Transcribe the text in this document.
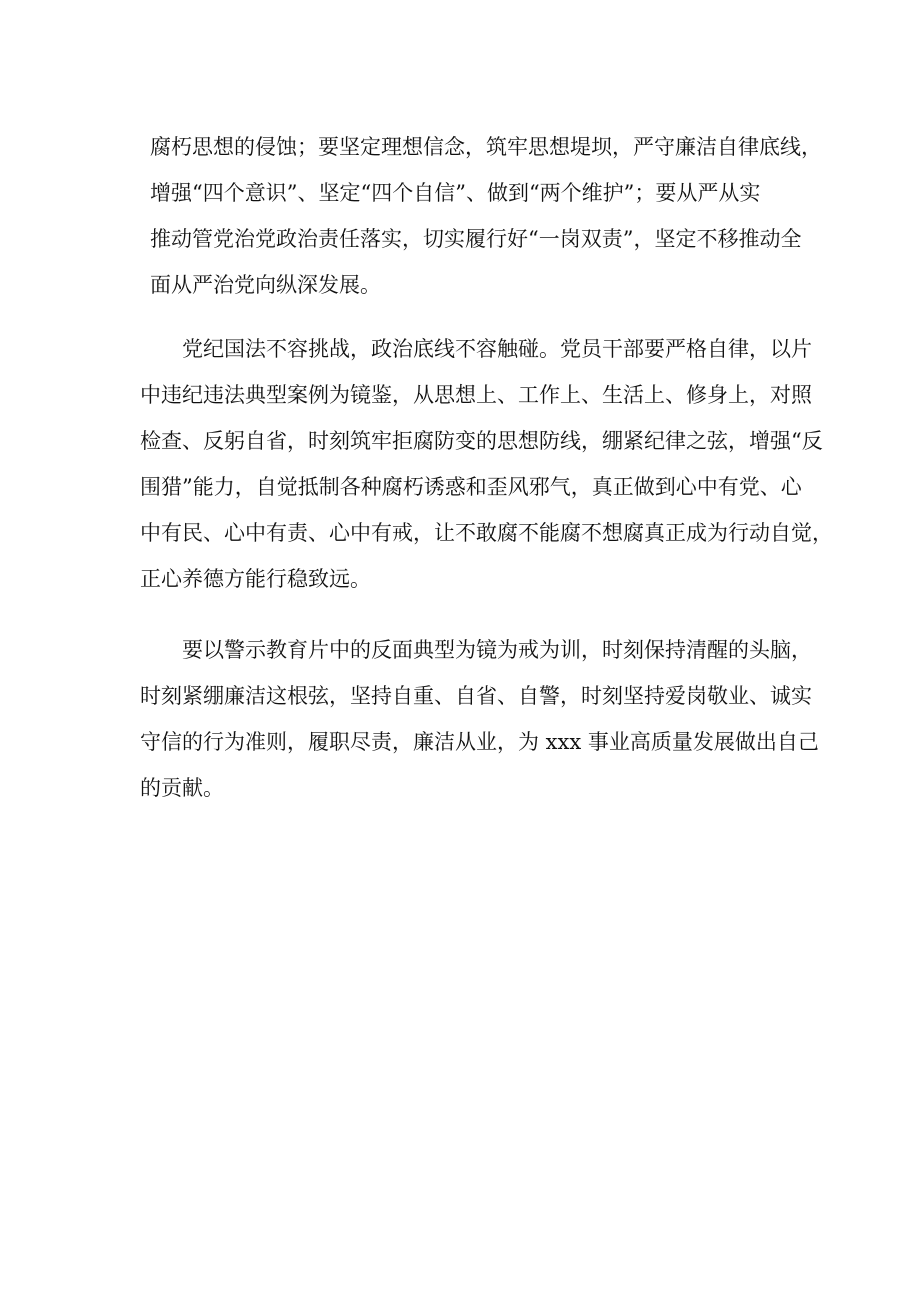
腐朽思想的侵蚀；要坚定理想信念，筑牢思想堤坝，严守廉洁自律底线，
增强“四个意识”、坚定“四个自信”、做到“两个维护”；要从严从实
推动管党治党政治责任落实，切实履行好“一岗双责”，坚定不移推动全
面从严治党向纵深发展。

党纪国法不容挑战，政治底线不容触碰。党员干部要严格自律，以片
中违纪违法典型案例为镜鉴，从思想上、工作上、生活上、修身上，对照
检查、反躬自省，时刻筑牢拒腐防变的思想防线，绷紧纪律之弦，增强“反
围猎”能力，自觉抵制各种腐朽诱惑和歪风邪气，真正做到心中有党、心
中有民、心中有责、心中有戒，让不敢腐不能腐不想腐真正成为行动自觉，
正心养德方能行稳致远。

要以警示教育片中的反面典型为镜为戒为训，时刻保持清醒的头脑，
时刻紧绷廉洁这根弦，坚持自重、自省、自警，时刻坚持爱岗敬业、诚实
守信的行为准则，履职尽责，廉洁从业，为 xxx 事业高质量发展做出自己
的贡献。
